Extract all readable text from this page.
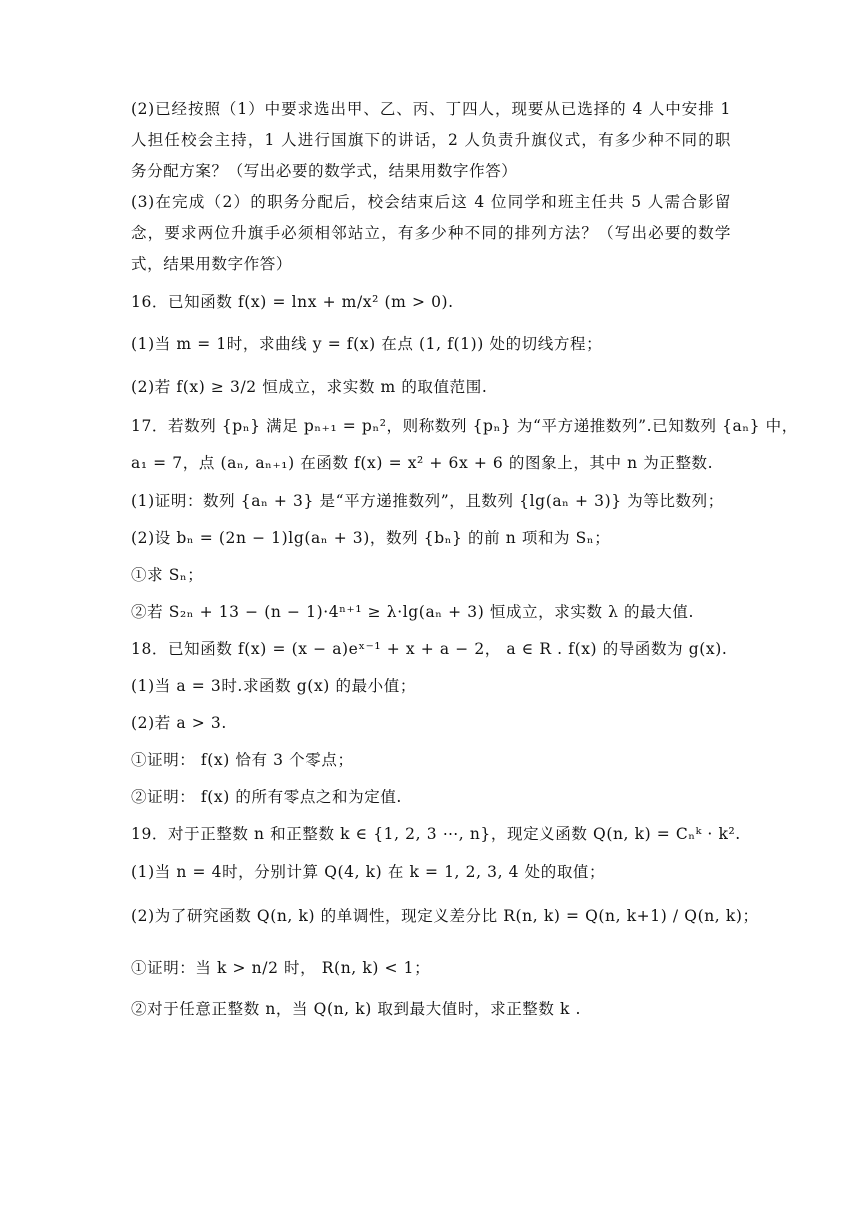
(2)已经按照（1）中要求选出甲、乙、丙、丁四人，现要从已选择的 4 人中安排 1
人担任校会主持，1 人进行国旗下的讲话，2 人负责升旗仪式，有多少种不同的职
务分配方案？（写出必要的数学式，结果用数字作答）
(3)在完成（2）的职务分配后，校会结束后这 4 位同学和班主任共 5 人需合影留
念，要求两位升旗手必须相邻站立，有多少种不同的排列方法？（写出必要的数学
式，结果用数字作答）
16．已知函数 f(x) = lnx + m/x² (m > 0).
(1)当 m = 1时，求曲线 y = f(x) 在点 (1, f(1)) 处的切线方程；
(2)若 f(x) ≥ 3/2 恒成立，求实数 m 的取值范围.
17．若数列 {pₙ} 满足 pₙ₊₁ = pₙ²，则称数列 {pₙ} 为“平方递推数列”.已知数列 {aₙ} 中，
a₁ = 7，点 (aₙ, aₙ₊₁) 在函数 f(x) = x² + 6x + 6 的图象上，其中 n 为正整数.
(1)证明：数列 {aₙ + 3} 是“平方递推数列”，且数列 {lg(aₙ + 3)} 为等比数列；
(2)设 bₙ = (2n − 1)lg(aₙ + 3)，数列 {bₙ} 的前 n 项和为 Sₙ；
①求 Sₙ；
②若 S₂ₙ + 13 − (n − 1)·4ⁿ⁺¹ ≥ λ·lg(aₙ + 3) 恒成立，求实数 λ 的最大值.
18．已知函数 f(x) = (x − a)eˣ⁻¹ + x + a − 2， a ∈ R . f(x) 的导函数为 g(x).
(1)当 a = 3时.求函数 g(x) 的最小值；
(2)若 a > 3.
①证明： f(x) 恰有 3 个零点；
②证明： f(x) 的所有零点之和为定值.
19．对于正整数 n 和正整数 k ∈ {1, 2, 3 ⋯, n}，现定义函数 Q(n, k) = Cₙᵏ · k².
(1)当 n = 4时，分别计算 Q(4, k) 在 k = 1, 2, 3, 4 处的取值；
(2)为了研究函数 Q(n, k) 的单调性，现定义差分比 R(n, k) = Q(n, k+1) / Q(n, k)；
①证明：当 k > n/2 时， R(n, k) < 1；
②对于任意正整数 n，当 Q(n, k) 取到最大值时，求正整数 k .
